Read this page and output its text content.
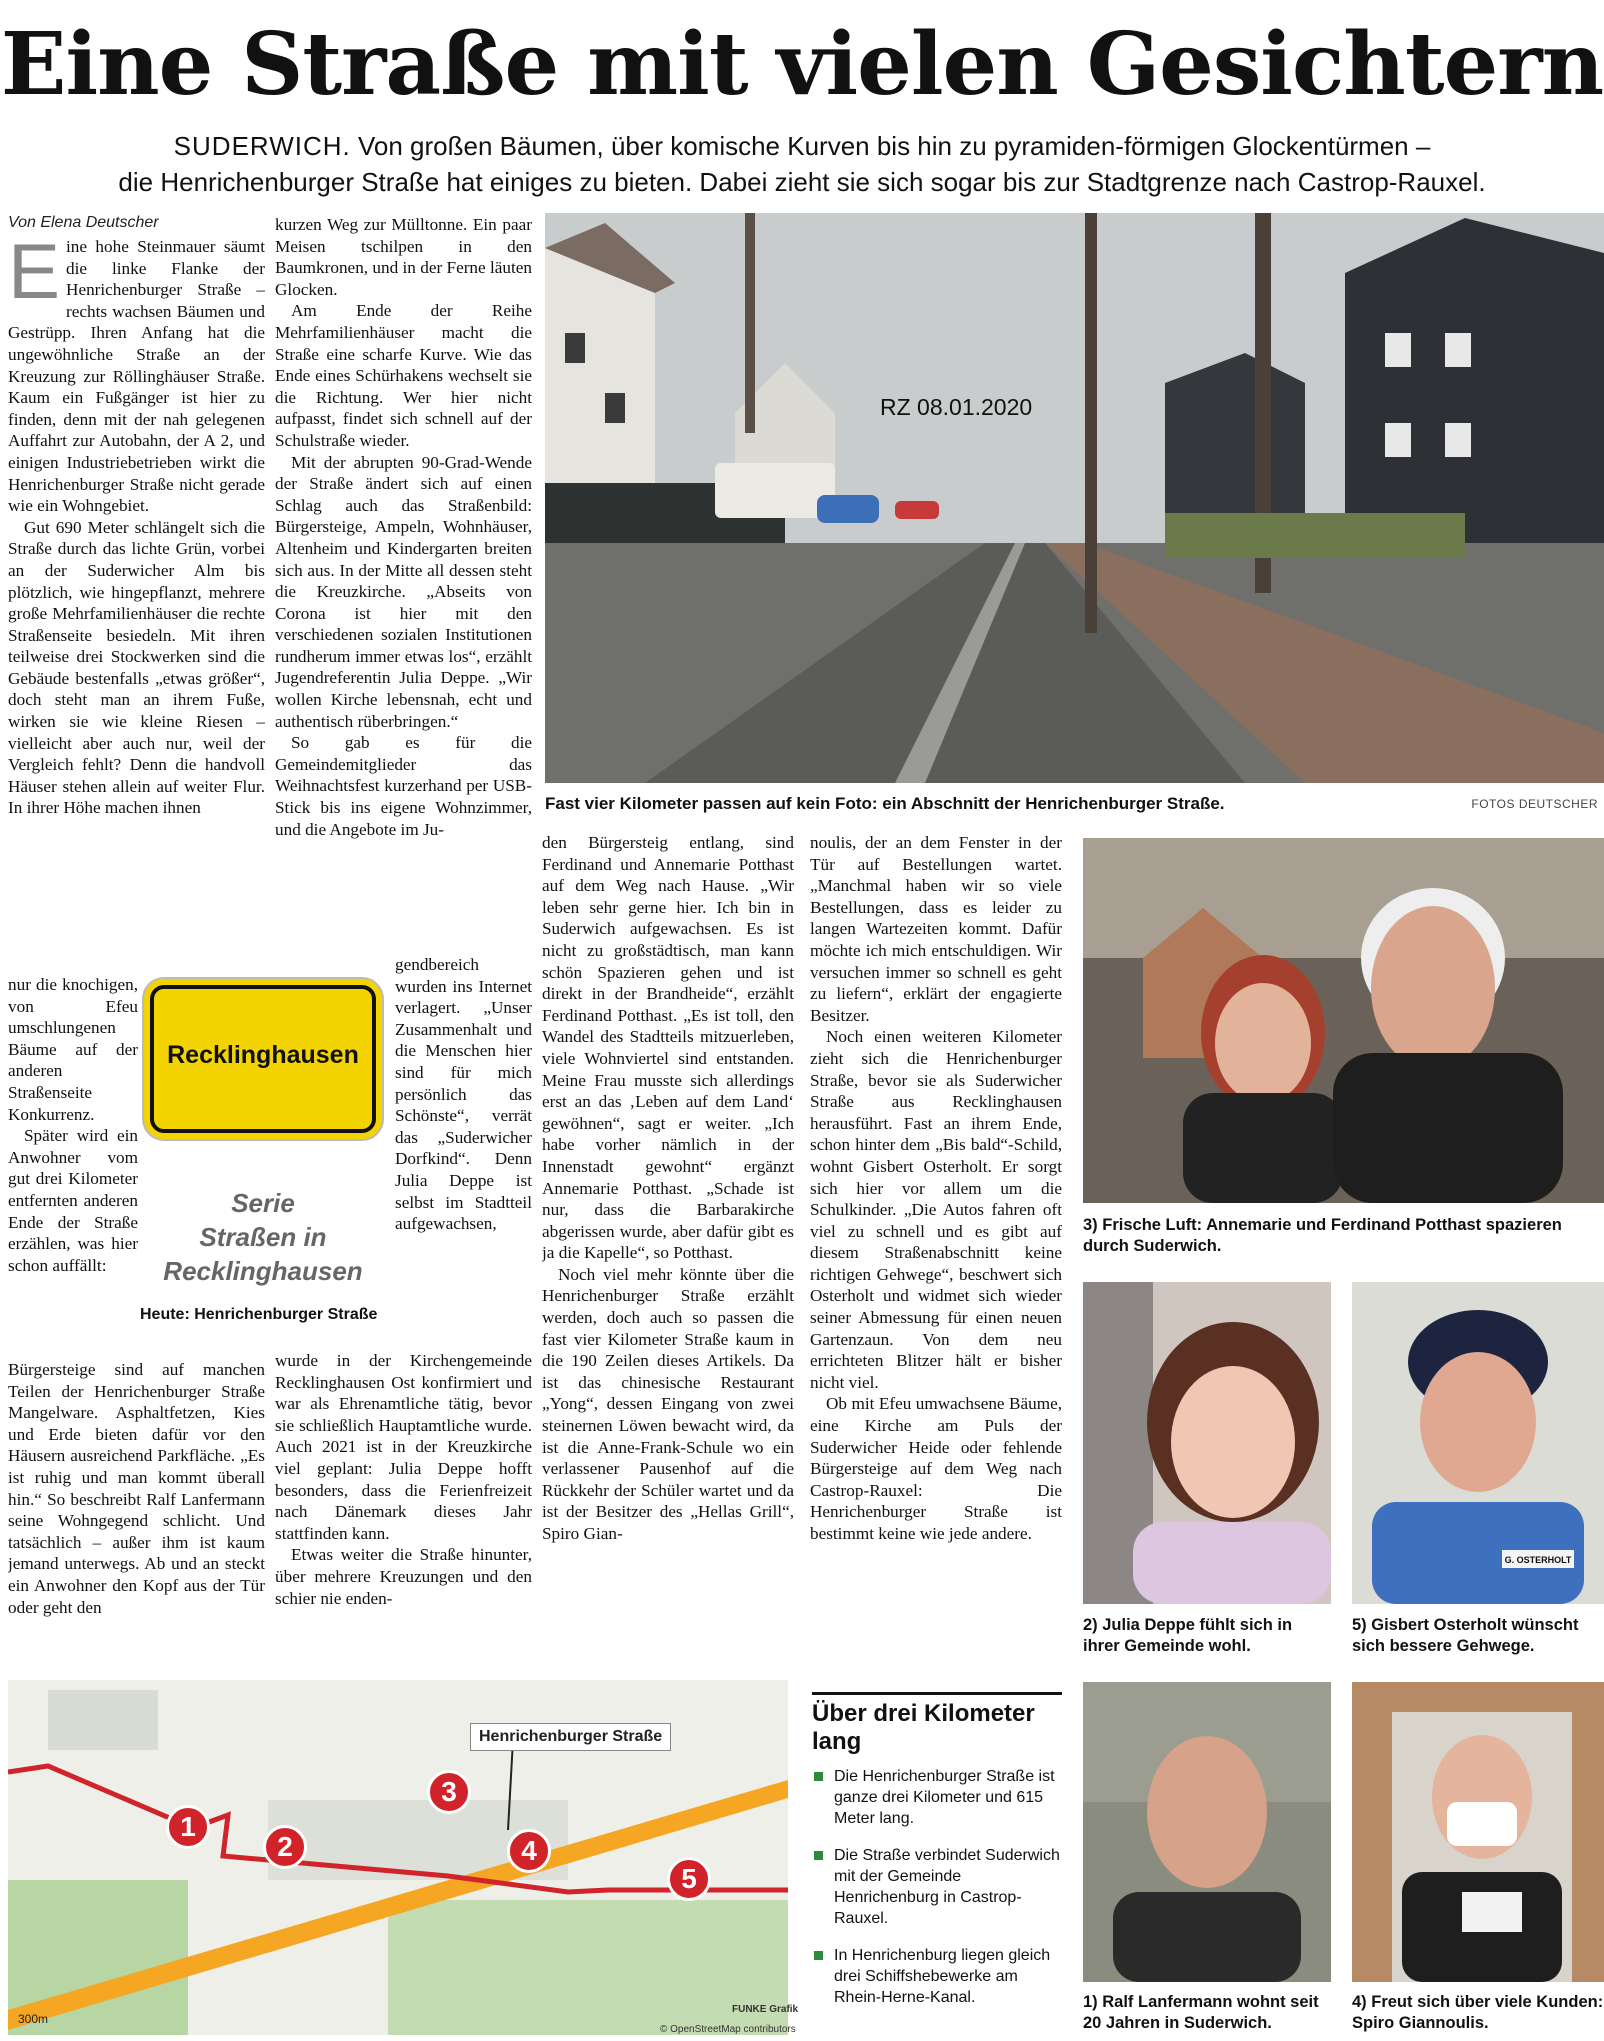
Eine Straße mit vielen Gesichtern
SUDERWICH. Von großen Bäumen, über komische Kurven bis hin zu pyramiden-förmigen Glockentürmen –
die Henrichenburger Straße hat einiges zu bieten. Dabei zieht sie sich sogar bis zur Stadtgrenze nach Castrop-Rauxel.
Von Elena Deutscher

Eine hohe Steinmauer säumt die linke Flanke der Henrichenburger Straße – rechts wachsen Bäumen und Gestrüpp. Ihren Anfang hat die ungewöhnliche Straße an der Kreuzung zur Röllinghäuser Straße. Kaum ein Fußgänger ist hier zu finden, denn mit der nah gelegenen Auffahrt zur Autobahn, der A 2, und einigen Industriebetrieben wirkt die Henrichenburger Straße nicht gerade wie ein Wohngebiet.

Gut 690 Meter schlängelt sich die Straße durch das lichte Grün, vorbei an der Suderwicher Alm bis plötzlich, wie hingepflanzt, mehrere große Mehrfamilienhäuser die rechte Straßenseite besiedeln. Mit ihren teilweise drei Stockwerken sind die Gebäude bestenfalls „etwas größer“, doch steht man an ihrem Fuße, wirken sie wie kleine Riesen – vielleicht aber auch nur, weil der Vergleich fehlt? Denn die handvoll Häuser stehen allein auf weiter Flur. In ihrer Höhe machen ihnen

nur die knochigen, von Efeu umschlungenen Bäume auf der anderen Straßenseite Konkurrenz.

Später wird ein Anwohner vom gut drei Kilometer entfernten anderen Ende der Straße erzählen, was hier schon auffällt:

Bürgersteige sind auf manchen Teilen der Henrichenburger Straße Mangelware. Asphaltfetzen, Kies und Erde bieten dafür vor den Häusern ausreichend Parkfläche. „Es ist ruhig und man kommt überall hin.“ So beschreibt Ralf Lanfermann seine Wohngegend schlicht. Und tatsächlich – außer ihm ist kaum jemand unterwegs. Ab und an steckt ein Anwohner den Kopf aus der Tür oder geht den

kurzen Weg zur Mülltonne. Ein paar Meisen tschilpen in den Baumkronen, und in der Ferne läuten Glocken.

Am Ende der Reihe Mehrfamilienhäuser macht die Straße eine scharfe Kurve. Wie das Ende eines Schürhakens wechselt sie die Richtung. Wer hier nicht aufpasst, findet sich schnell auf der Schulstraße wieder.

Mit der abrupten 90-Grad-Wende der Straße ändert sich auf einen Schlag auch das Straßenbild: Bürgersteige, Ampeln, Wohnhäuser, Altenheim und Kindergarten breiten sich aus. In der Mitte all dessen steht die Kreuzkirche. „Abseits von Corona ist hier mit den verschiedenen sozialen Institutionen rundherum immer etwas los“, erzählt Jugendreferentin Julia Deppe. „Wir wollen Kirche lebensnah, echt und authentisch rüberbringen.“

So gab es für die Gemeindemitglieder das Weihnachtsfest kurzerhand per USB-Stick bis ins eigene Wohnzimmer, und die Angebote im Ju-

gendbereich wurden ins Internet verlagert. „Unser Zusammenhalt und die Menschen hier sind für mich persönlich das Schönste“, verrät das „Suderwicher Dorfkind“. Denn Julia Deppe ist selbst im Stadtteil aufgewachsen,

wurde in der Kirchengemeinde Recklinghausen Ost konfirmiert und war als Ehrenamtliche tätig, bevor sie schließlich Hauptamtliche wurde. Auch 2021 ist in der Kreuzkirche viel geplant: Julia Deppe hofft besonders, dass die Ferienfreizeit nach Dänemark dieses Jahr stattfinden kann.

Etwas weiter die Straße hinunter, über mehrere Kreuzungen und den schier nie enden-

den Bürgersteig entlang, sind Ferdinand und Annemarie Potthast auf dem Weg nach Hause. „Wir leben sehr gerne hier. Ich bin in Suderwich aufgewachsen. Es ist nicht zu großstädtisch, man kann schön Spazieren gehen und ist direkt in der Brandheide“, erzählt Ferdinand Potthast. „Es ist toll, den Wandel des Stadtteils mitzuerleben, viele Wohnviertel sind entstanden. Meine Frau musste sich allerdings erst an das ‚Leben auf dem Land‘ gewöhnen“, sagt er weiter. „Ich habe vorher nämlich in der Innenstadt gewohnt“ ergänzt Annemarie Potthast. „Schade ist nur, dass die Barbarakirche abgerissen wurde, aber dafür gibt es ja die Kapelle“, so Potthast.

Noch viel mehr könnte über die Henrichenburger Straße erzählt werden, doch auch so passen die fast vier Kilometer Straße kaum in die 190 Zeilen dieses Artikels. Da ist das chinesische Restaurant „Yong“, dessen Eingang von zwei steinernen Löwen bewacht wird, da ist die Anne-Frank-Schule wo ein verlassener Pausenhof auf die Rückkehr der Schüler wartet und da ist der Besitzer des „Hellas Grill“, Spiro Gian-

noulis, der an dem Fenster in der Tür auf Bestellungen wartet. „Manchmal haben wir so viele Bestellungen, dass es leider zu langen Wartezeiten kommt. Dafür möchte ich mich entschuldigen. Wir versuchen immer so schnell es geht zu liefern“, erklärt der engagierte Besitzer.

Noch einen weiteren Kilometer zieht sich die Henrichenburger Straße, bevor sie als Suderwicher Straße aus Recklinghausen herausführt. Fast an ihrem Ende, schon hinter dem „Bis bald“-Schild, wohnt Gisbert Osterholt. Er sorgt sich hier vor allem um die Schulkinder. „Die Autos fahren oft viel zu schnell und es gibt auf diesem Straßenabschnitt keine richtigen Gehwege“, beschwert sich Osterholt und widmet sich wieder seiner Abmessung für einen neuen Gartenzaun. Von dem neu errichteten Blitzer hält er bisher nicht viel.

Ob mit Efeu umwachsene Bäume, eine Kirche am Puls der Suderwicher Heide oder fehlende Bürgersteige auf dem Weg nach Castrop-Rauxel: Die Henrichenburger Straße ist bestimmt keine wie jede andere.

RZ 08.01.2020
Fast vier Kilometer passen auf kein Foto: ein Abschnitt der Henrichenburger Straße.	FOTOS DEUTSCHER
Recklinghausen
Serie
Straßen in
Recklinghausen
Heute: Henrichenburger Straße
3) Frische Luft: Annemarie und Ferdinand Potthast spazieren durch Suderwich.
2) Julia Deppe fühlt sich in ihrer Gemeinde wohl.
G. OSTERHOLT
5) Gisbert Osterholt wünscht sich bessere Gehwege.
1) Ralf Lanfermann wohnt seit 20 Jahren in Suderwich.
4) Freut sich über viele Kunden: Spiro Giannoulis.
Henrichenburger Straße
1
2
3
4
5
300m
FUNKE Grafik
© OpenStreetMap contributors
Über drei Kilometer lang
Die Henrichenburger Straße ist ganze drei Kilometer und 615 Meter lang.
Die Straße verbindet Suderwich mit der Gemeinde Henrichenburg in Castrop-Rauxel.
In Henrichenburg liegen gleich drei Schiffshebewerke am Rhein-Herne-Kanal.
